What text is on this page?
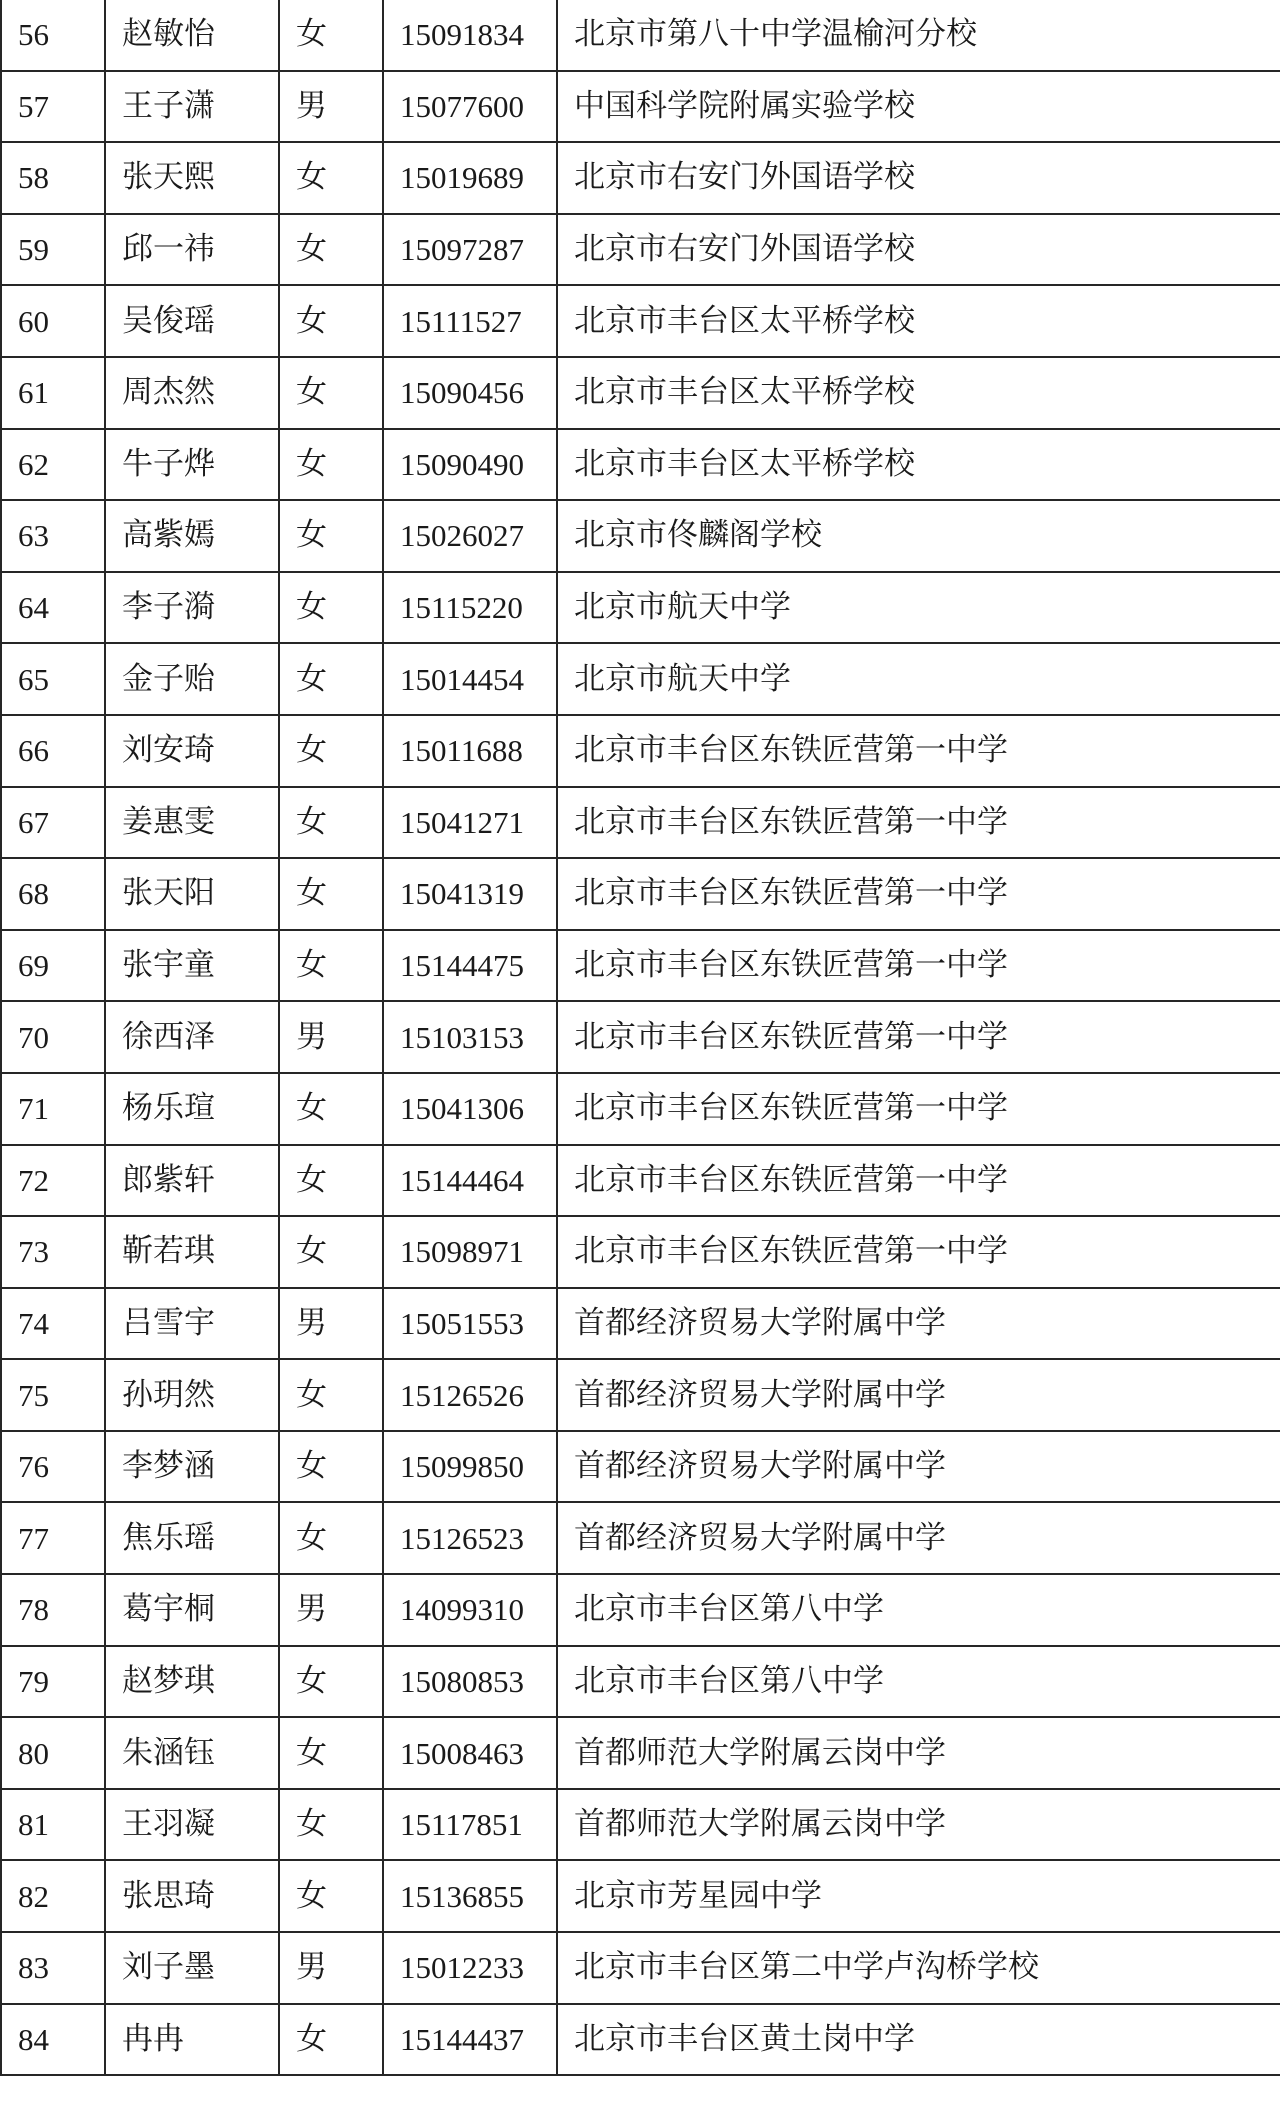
56	赵敏怡	女	15091834	北京市第八十中学温榆河分校
57	王子潇	男	15077600	中国科学院附属实验学校
58	张天熙	女	15019689	北京市右安门外国语学校
59	邱一祎	女	15097287	北京市右安门外国语学校
60	吴俊瑶	女	15111527	北京市丰台区太平桥学校
61	周杰然	女	15090456	北京市丰台区太平桥学校
62	牛子烨	女	15090490	北京市丰台区太平桥学校
63	高紫嫣	女	15026027	北京市佟麟阁学校
64	李子漪	女	15115220	北京市航天中学
65	金子贻	女	15014454	北京市航天中学
66	刘安琦	女	15011688	北京市丰台区东铁匠营第一中学
67	姜惠雯	女	15041271	北京市丰台区东铁匠营第一中学
68	张天阳	女	15041319	北京市丰台区东铁匠营第一中学
69	张宇童	女	15144475	北京市丰台区东铁匠营第一中学
70	徐西泽	男	15103153	北京市丰台区东铁匠营第一中学
71	杨乐瑄	女	15041306	北京市丰台区东铁匠营第一中学
72	郎紫轩	女	15144464	北京市丰台区东铁匠营第一中学
73	靳若琪	女	15098971	北京市丰台区东铁匠营第一中学
74	吕雪宇	男	15051553	首都经济贸易大学附属中学
75	孙玥然	女	15126526	首都经济贸易大学附属中学
76	李梦涵	女	15099850	首都经济贸易大学附属中学
77	焦乐瑶	女	15126523	首都经济贸易大学附属中学
78	葛宇桐	男	14099310	北京市丰台区第八中学
79	赵梦琪	女	15080853	北京市丰台区第八中学
80	朱涵钰	女	15008463	首都师范大学附属云岗中学
81	王羽凝	女	15117851	首都师范大学附属云岗中学
82	张思琦	女	15136855	北京市芳星园中学
83	刘子墨	男	15012233	北京市丰台区第二中学卢沟桥学校
84	冉冉	女	15144437	北京市丰台区黄土岗中学
